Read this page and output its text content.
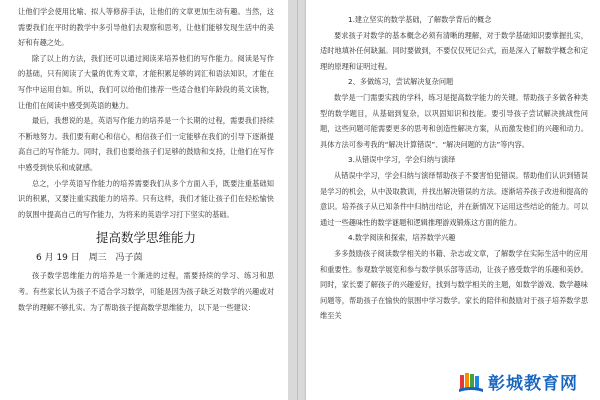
让他们学会使用比喻、拟人等修辞手法，让他们的文章更加生动有趣。当然，这需要我们在平时的教学中多引导他们去观察和思考，让他们能够发现生活中的美好和有趣之处。

除了以上的方法，我们还可以通过阅读来培养他们的写作能力。阅读是写作的基础，只有阅读了大量的优秀文章，才能积累足够的词汇和语法知识，才能在写作中运用自如。所以，我们可以给他们推荐一些适合他们年龄段的英文读物，让他们在阅读中感受到英语的魅力。

最后，我想说的是，英语写作能力的培养是一个长期的过程，需要我们持续不断地努力。我们要有耐心和信心，相信孩子们一定能够在我们的引导下逐渐提高自己的写作能力。同时，我们也要给孩子们足够的鼓励和支持，让他们在写作中感受到快乐和成就感。

总之，小学英语写作能力的培养需要我们从多个方面入手，既要注重基础知识的积累，又要注重实践能力的培养。只有这样，我们才能让孩子们在轻松愉快的氛围中提高自己的写作能力，为将来的英语学习打下坚实的基础。

提高数学思维能力
6 月 19 日 周三 冯子茵

孩子数学思维能力的培养是一个渐进的过程，需要持续的学习、练习和思考。有些家长认为孩子不适合学习数学，可能是因为孩子缺乏对数学的兴趣或对数学的理解不够扎实。为了帮助孩子提高数学思维能力，以下是一些建议：

1.建立坚实的数学基础，了解数学背后的概念

要求孩子对数学的基本概念必须有清晰的理解，对于数学基础知识要掌握扎实，适时地填补任何缺漏。同时要做到，不要仅仅死记公式，而是深入了解数学概念和定理的原理和证明过程。

2、多做练习，尝试解决复杂问题

数学是一门需要实践的学科，练习是提高数学能力的关键。帮助孩子多做各种类型的数学题目，从基础到复杂，以巩固知识和技能。要引导孩子尝试解决挑战性问题，这些问题可能需要更多的思考和创造性解决方案，从而激发他们的兴趣和动力。具体方法可参考我的“解决计算错误”、“解决问题的方法”等内容。

3.从错误中学习，学会归纳与演绎

从错误中学习，学会归纳与演绎帮助孩子不要害怕犯错误。帮助他们认识到错误是学习的机会，从中汲取教训，并找出解决错误的方法。逐渐培养孩子改进和提高的意识。培养孩子从已知条件中归纳出结论，并在新情况下运用这些结论的能力。可以通过一些趣味性的数学谜题和逻辑推理游戏锻炼这方面的能力。

4.数学阅读和探索，培养数学兴趣

多多鼓励孩子阅读数学相关的书籍、杂志或文章，了解数学在实际生活中的应用和重要性。参观数学展览和参与数学俱乐部等活动，让孩子感受数学的乐趣和美妙。同时，家长要了解孩子的兴趣爱好，找到与数学相关的主题，如数学游戏、数学趣味问题等，帮助孩子在愉快的氛围中学习数学。家长的陪伴和鼓励对于孩子培养数学思维至关

彰城教育网
